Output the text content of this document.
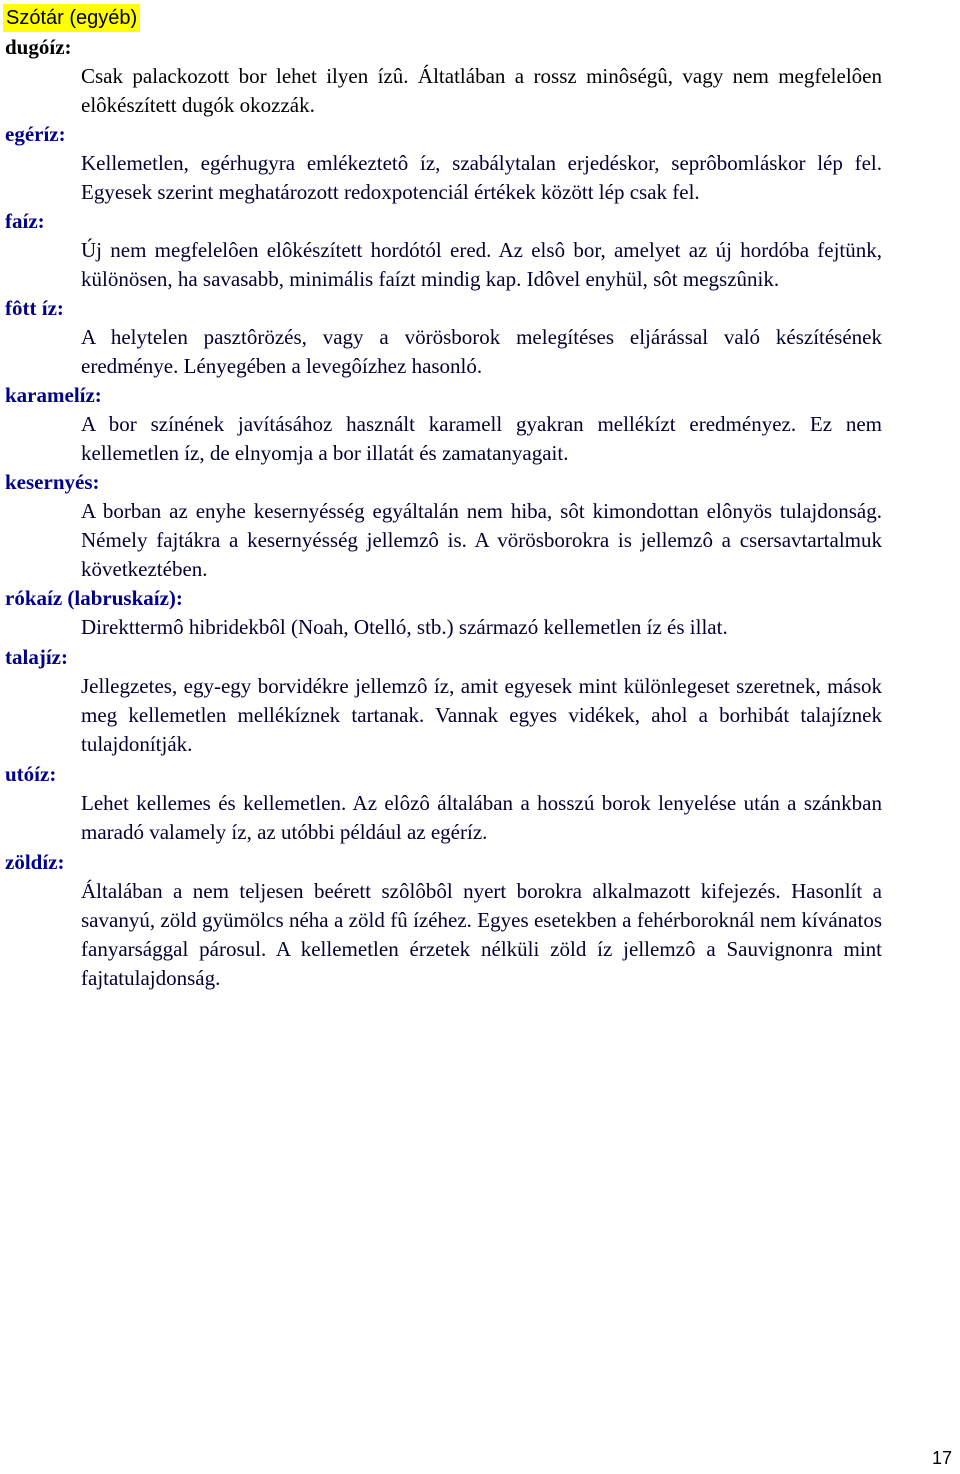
Szótár (egyéb)

dugóíz:

Csak palackozott bor lehet ilyen ízû. Áltatlában a rossz minôségû, vagy nem megfelelôen elôkészített dugók okozzák.

egéríz:

Kellemetlen, egérhugyra emlékeztetô íz, szabálytalan erjedéskor, seprôbomláskor lép fel. Egyesek szerint meghatározott redoxpotenciál értékek között lép csak fel.

faíz:

Új nem megfelelôen elôkészített hordótól ered. Az elsô bor, amelyet az új hordóba fejtünk, különösen, ha savasabb, minimális faízt mindig kap. Idôvel enyhül, sôt megszûnik.

fôtt íz:

A helytelen pasztôrözés, vagy a vörösborok melegítéses eljárással való készítésének eredménye. Lényegében a levegôízhez hasonló.

karamelíz:

A bor színének javításához használt karamell gyakran mellékízt eredményez. Ez nem kellemetlen íz, de elnyomja a bor illatát és zamatanyagait.

kesernyés:

A borban az enyhe kesernyésség egyáltalán nem hiba, sôt kimondottan elônyös tulajdonság. Némely fajtákra a kesernyésség jellemzô is. A vörösborokra is jellemzô a csersavtartalmuk következtében.

rókaíz (labruskaíz):

Direkttermô hibridekbôl (Noah, Otelló, stb.) származó kellemetlen íz és illat.

talajíz:

Jellegzetes, egy-egy borvidékre jellemzô íz, amit egyesek mint különlegeset szeretnek, mások meg kellemetlen mellékíznek tartanak. Vannak egyes vidékek, ahol a borhibát talajíznek tulajdonítják.

utóíz:

Lehet kellemes és kellemetlen. Az elôzô általában a hosszú borok lenyelése után a szánkban maradó valamely íz, az utóbbi például az egéríz.

zöldíz:

Általában a nem teljesen beérett szôlôbôl nyert borokra alkalmazott kifejezés. Hasonlít a savanyú, zöld gyümölcs néha a zöld fû ízéhez. Egyes esetekben a fehérboroknál nem kívánatos fanyarsággal párosul. A kellemetlen érzetek nélküli zöld íz jellemzô a Sauvignonra mint fajtatulajdonság.

17
